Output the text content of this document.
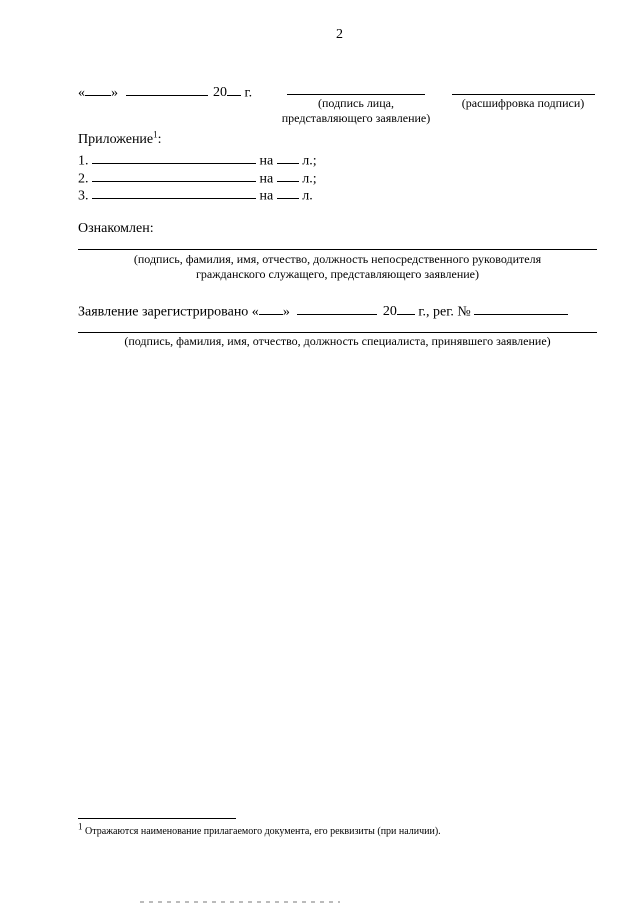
2
« »	20 г.
(подпись лица,
представляющего заявление)
(расшифровка подписи)
Приложение$^1$:
1.	на л.;
2.	на л.;
3.	на л.
Ознакомлен:
(подпись, фамилия, имя, отчество, должность непосредственного руководителя
гражданского служащего, представляющего заявление)
Заявление зарегистрировано « »	20 г., рег. №
(подпись, фамилия, имя, отчество, должность специалиста, принявшего заявление)
$^1$ Отражаются наименование прилагаемого документа, его реквизиты (при наличии).
